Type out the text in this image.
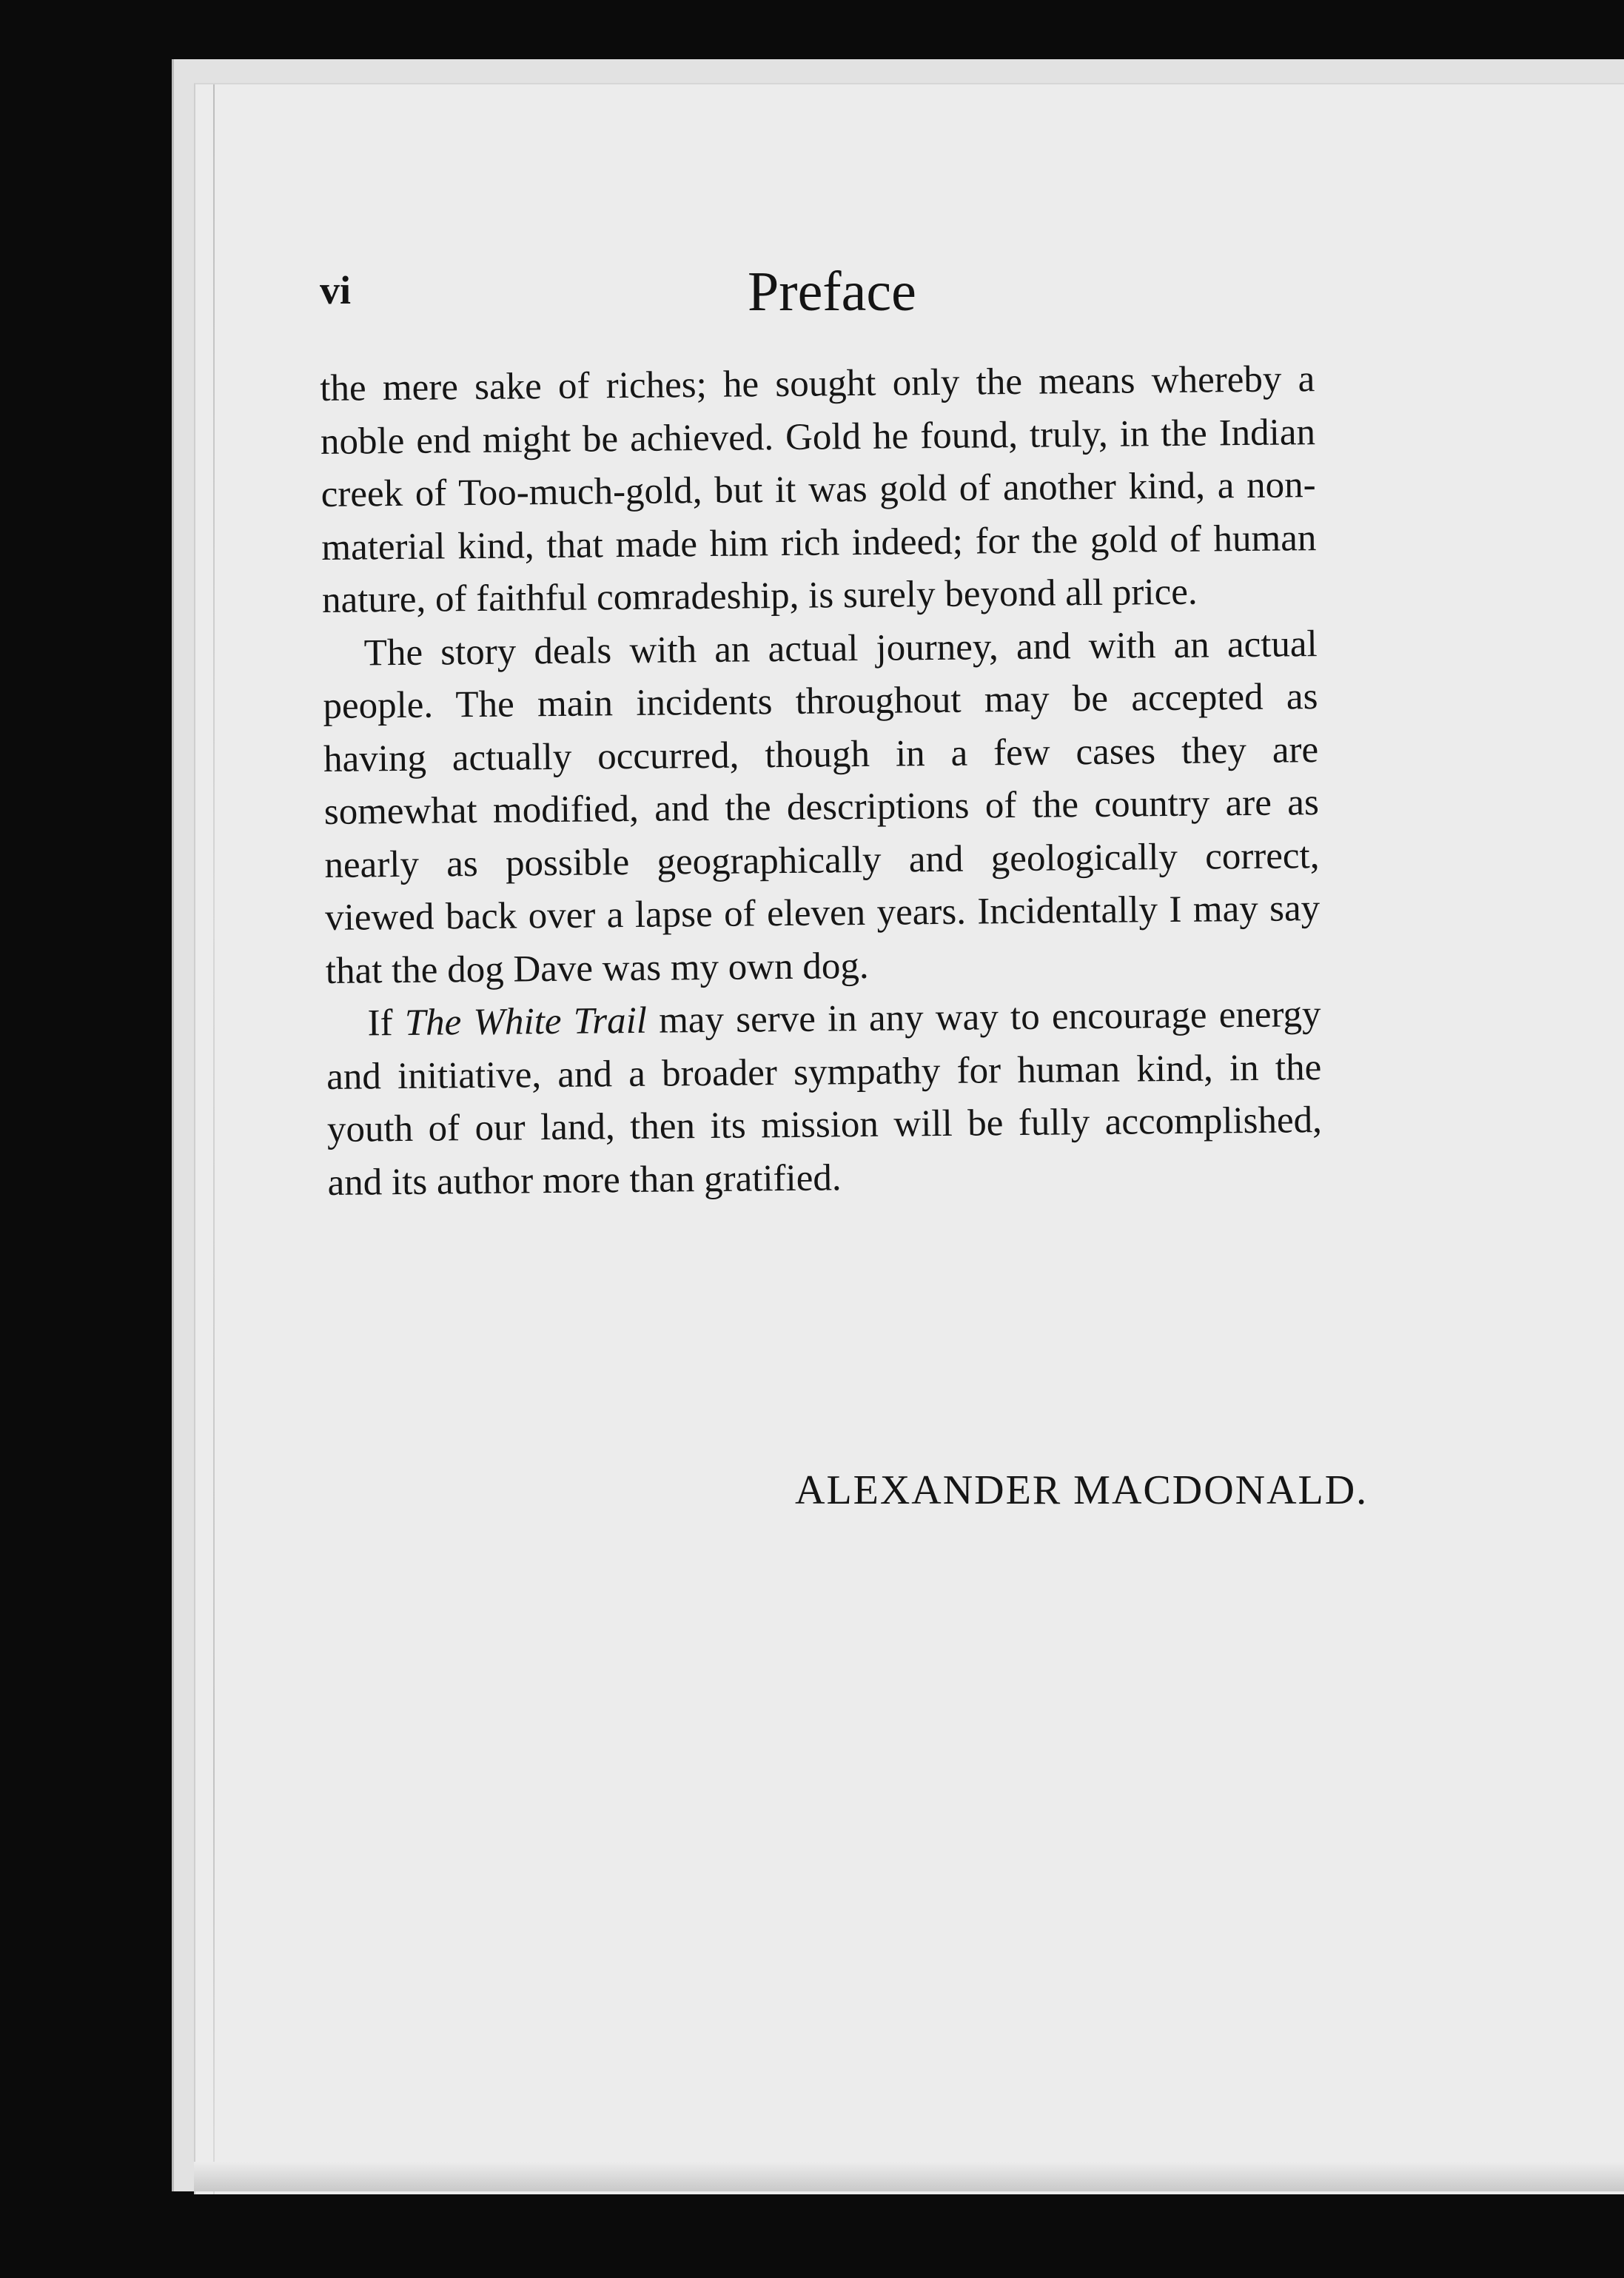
vi	Preface

the mere sake of riches; he sought only the means whereby a noble end might be achieved. Gold he found, truly, in the Indian creek of Too-much-gold, but it was gold of another kind, a non-material kind, that made him rich indeed; for the gold of human nature, of faithful comradeship, is surely beyond all price.

The story deals with an actual journey, and with an actual people. The main incidents throughout may be accepted as having actually occurred, though in a few cases they are somewhat modified, and the descriptions of the country are as nearly as possible geographically and geologically correct, viewed back over a lapse of eleven years. Incidentally I may say that the dog Dave was my own dog.

If The White Trail may serve in any way to encourage energy and initiative, and a broader sympathy for human kind, in the youth of our land, then its mission will be fully accomplished, and its author more than gratified.

ALEXANDER MACDONALD.
